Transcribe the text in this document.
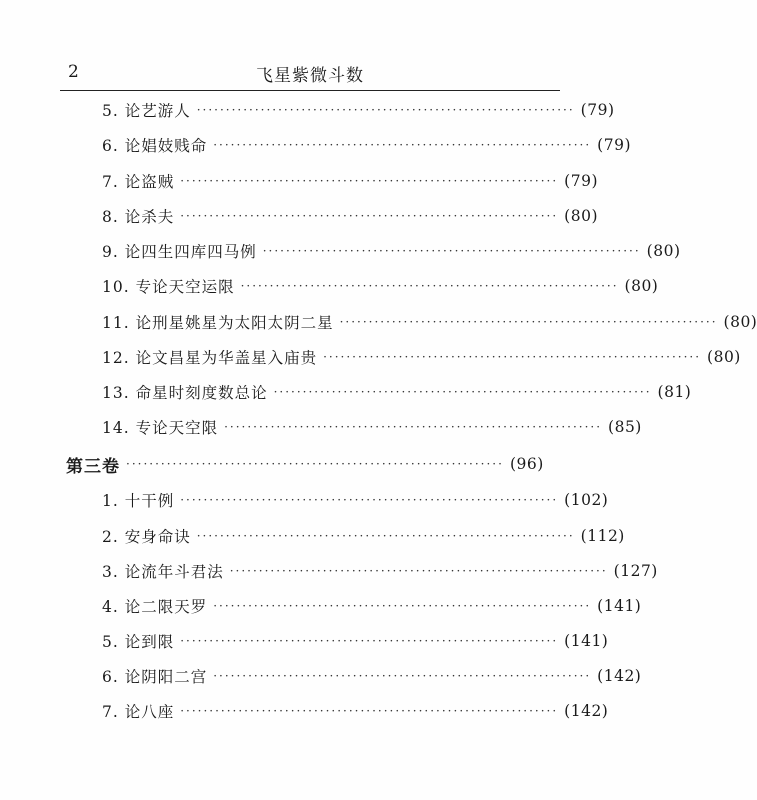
2	飞星紫微斗数
5. 论艺游人 ································································· (79)
6. 论娼妓贱命 ································································· (79)
7. 论盗贼 ································································· (79)
8. 论杀夫 ································································· (80)
9. 论四生四库四马例 ································································· (80)
10. 专论天空运限 ································································· (80)
11. 论刑星姚星为太阳太阴二星 ································································· (80)
12. 论文昌星为华盖星入庙贵 ································································· (80)
13. 命星时刻度数总论 ································································· (81)
14. 专论天空限 ································································· (85)
第三卷 ································································· (96)
1. 十干例 ································································· (102)
2. 安身命诀 ································································· (112)
3. 论流年斗君法 ································································· (127)
4. 论二限天罗 ································································· (141)
5. 论到限 ································································· (141)
6. 论阴阳二宫 ································································· (142)
7. 论八座 ································································· (142)
